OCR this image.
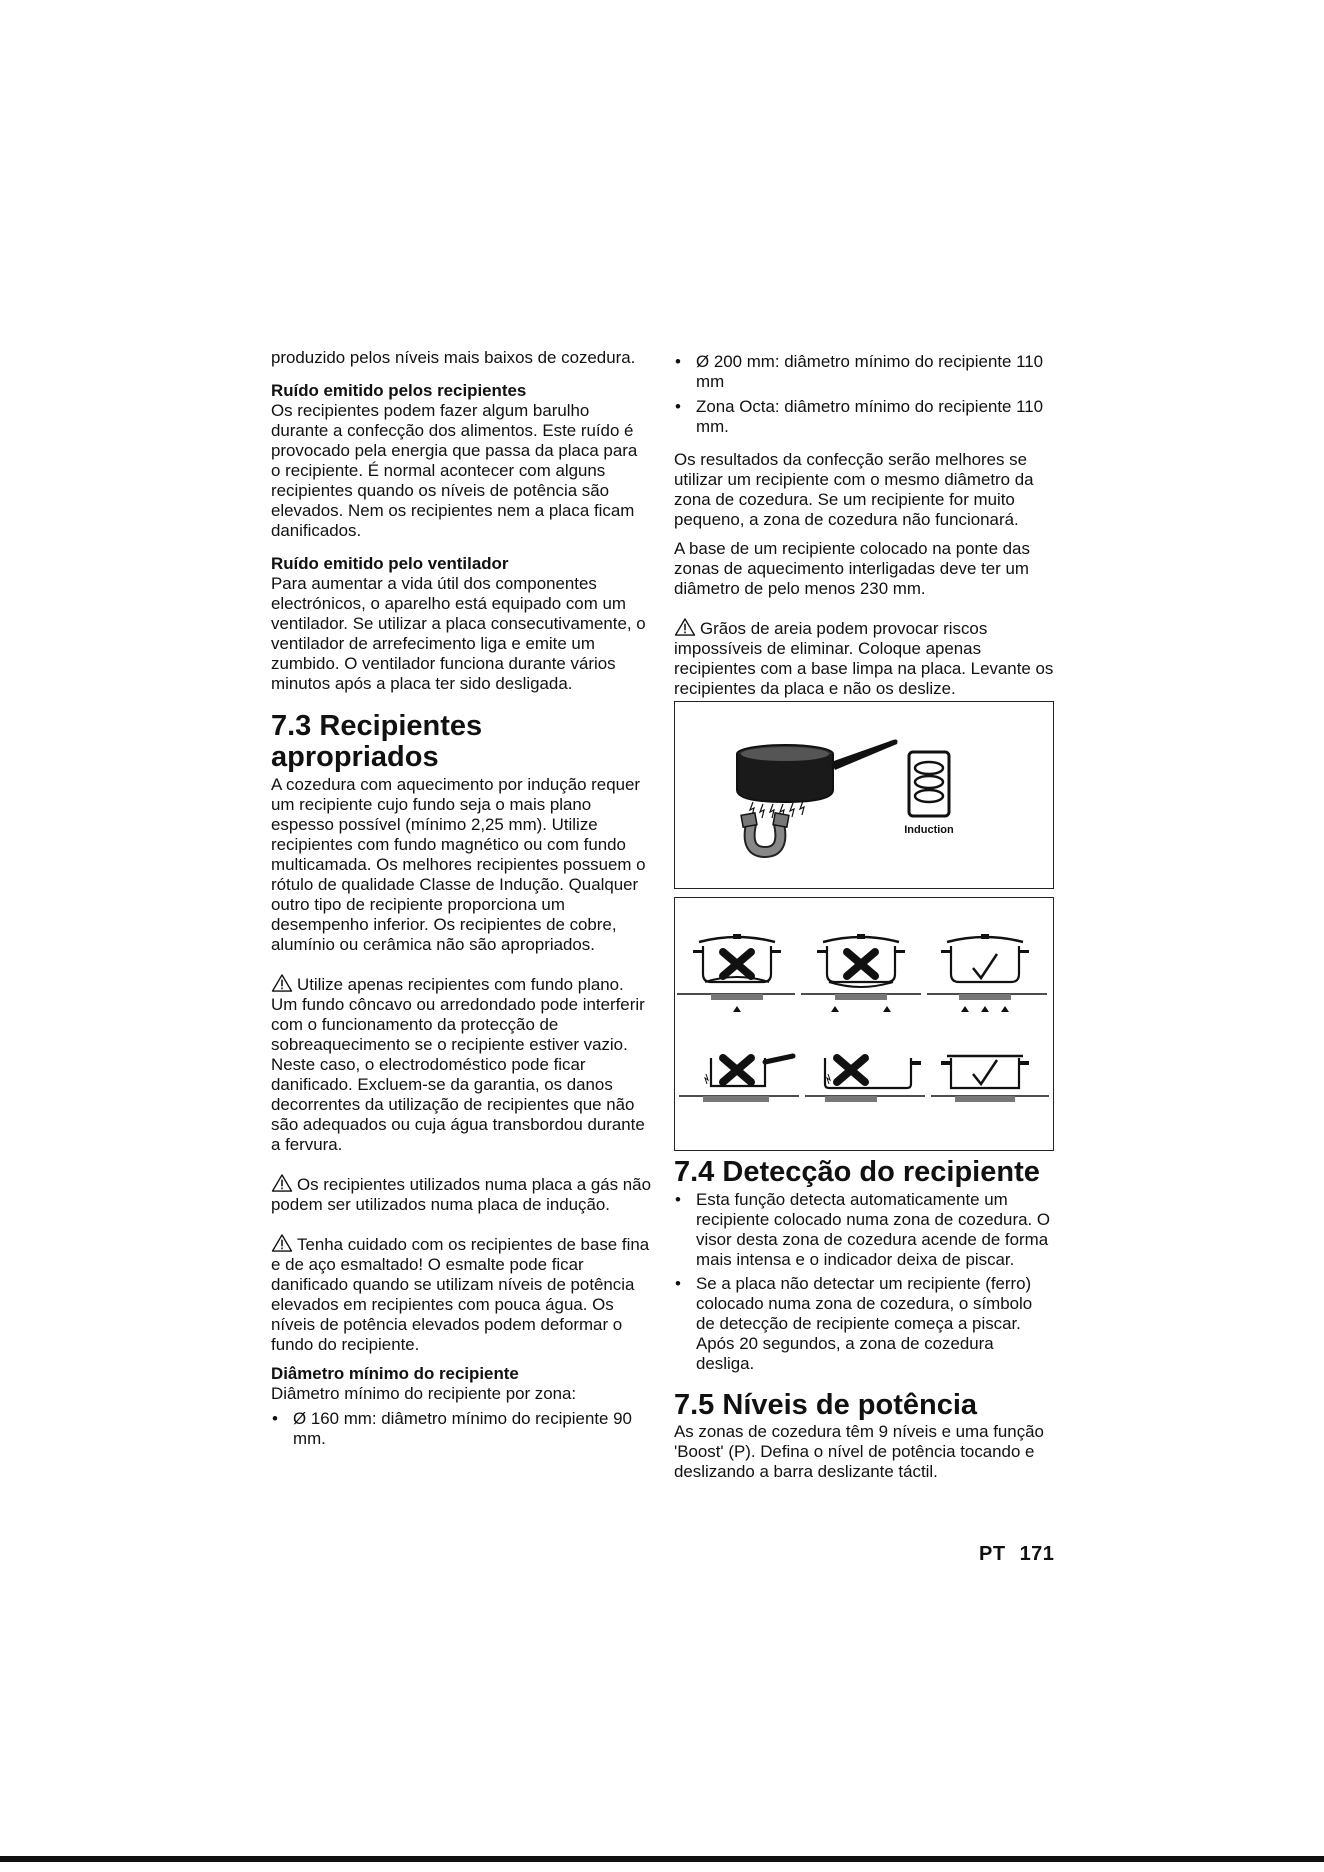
produzido pelos níveis mais baixos de cozedura.

Ruído emitido pelos recipientes

Os recipientes podem fazer algum barulho durante a confecção dos alimentos. Este ruído é provocado pela energia que passa da placa para o recipiente. É normal acontecer com alguns recipientes quando os níveis de potência são elevados. Nem os recipientes nem a placa ficam danificados.

Ruído emitido pelo ventilador

Para aumentar a vida útil dos componentes electrónicos, o aparelho está equipado com um ventilador. Se utilizar a placa consecutivamente, o ventilador de arrefecimento liga e emite um zumbido. O ventilador funciona durante vários minutos após a placa ter sido desligada.

7.3 Recipientes apropriados

A cozedura com aquecimento por indução requer um recipiente cujo fundo seja o mais plano espesso possível (mínimo 2,25 mm). Utilize recipientes com fundo magnético ou com fundo multicamada. Os melhores recipientes possuem o rótulo de qualidade Classe de Indução. Qualquer outro tipo de recipiente proporciona um desempenho inferior. Os recipientes de cobre, alumínio ou cerâmica não são apropriados.

Utilize apenas recipientes com fundo plano. Um fundo côncavo ou arredondado pode interferir com o funcionamento da protecção de sobreaquecimento se o recipiente estiver vazio. Neste caso, o electrodoméstico pode ficar danificado. Excluem-se da garantia, os danos decorrentes da utilização de recipientes que não são adequados ou cuja água transbordou durante a fervura.

Os recipientes utilizados numa placa a gás não podem ser utilizados numa placa de indução.

Tenha cuidado com os recipientes de base fina e de aço esmaltado! O esmalte pode ficar danificado quando se utilizam níveis de potência elevados em recipientes com pouca água. Os níveis de potência elevados podem deformar o fundo do recipiente.

Diâmetro mínimo do recipiente

Diâmetro mínimo do recipiente por zona:

• Ø 160 mm: diâmetro mínimo do recipiente 90 mm.
• Ø 200 mm: diâmetro mínimo do recipiente 110 mm
• Zona Octa: diâmetro mínimo do recipiente 110 mm.

Os resultados da confecção serão melhores se utilizar um recipiente com o mesmo diâmetro da zona de cozedura. Se um recipiente for muito pequeno, a zona de cozedura não funcionará.

A base de um recipiente colocado na ponte das zonas de aquecimento interligadas deve ter um diâmetro de pelo menos 230 mm.

Grãos de areia podem provocar riscos impossíveis de eliminar. Coloque apenas recipientes com a base limpa na placa. Levante os recipientes da placa e não os deslize.

Induction
7.4 Detecção do recipiente
• Esta função detecta automaticamente um recipiente colocado numa zona de cozedura. O visor desta zona de cozedura acende de forma mais intensa e o indicador deixa de piscar.
• Se a placa não detectar um recipiente (ferro) colocado numa zona de cozedura, o símbolo de detecção de recipiente começa a piscar. Após 20 segundos, a zona de cozedura desliga.
7.5 Níveis de potência

As zonas de cozedura têm 9 níveis e uma função 'Boost' (P). Defina o nível de potência tocando e deslizando a barra deslizante táctil.

PT 171
